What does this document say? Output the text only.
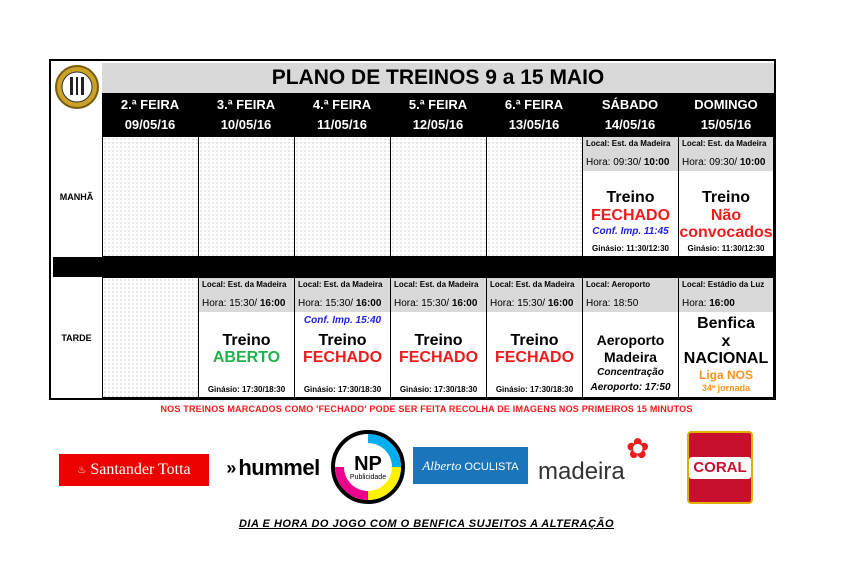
PLANO DE TREINOS 9 a 15 MAIO
2.ª FEIRA
09/05/16
3.ª FEIRA
10/05/16
4.ª FEIRA
11/05/16
5.ª FEIRA
12/05/16
6.ª FEIRA
13/05/16
SÁBADO
14/05/16
DOMINGO
15/05/16
MANHÃ
Local: Est. da Madeira
Hora: 09:30/ 10:00
Treino
FECHADO
Conf. Imp. 11:45
Ginásio: 11:30/12:30
Local: Est. da Madeira
Hora: 09:30/ 10:00
Treino
Não
convocados
Ginásio: 11:30/12:30
TARDE
Local: Est. da Madeira
Hora: 15:30/ 16:00
Treino
ABERTO
Ginásio: 17:30/18:30
Local: Est. da Madeira
Hora: 15:30/ 16:00
Conf. Imp. 15:40
Treino
FECHADO
Ginásio: 17:30/18:30
Local: Est. da Madeira
Hora: 15:30/ 16:00
Treino
FECHADO
Ginásio: 17:30/18:30
Local: Est. da Madeira
Hora: 15:30/ 16:00
Treino
FECHADO
Ginásio: 17:30/18:30
Local: Aeroporto
Hora: 18:50
Aeroporto
Madeira
Concentração
Aeroporto: 17:50
Local: Estádio da Luz
Hora: 16:00
Benfica
x
NACIONAL
Liga NOS
34ª jornada
NOS TREINOS MARCADOS COMO 'FECHADO' PODE SER FEITA RECOLHA DE IMAGENS NOS PRIMEIROS 15 MINUTOS
♨ Santander Totta » hummel NP
Publicidade
Alberto OCULISTA
✿
madeira	CORAL
DIA E HORA DO JOGO COM O BENFICA SUJEITOS A ALTERAÇÃO
